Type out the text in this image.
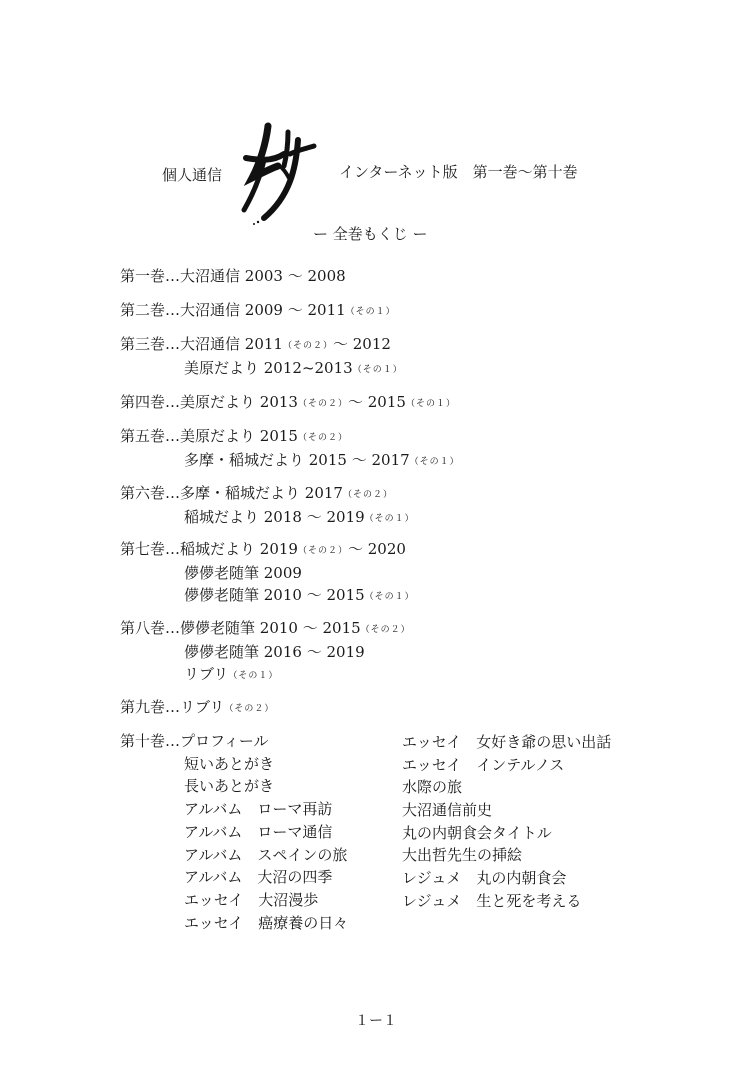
個人通信	インターネット版　第一巻〜第十巻
ー 全巻もくじ ー
第一巻…大沼通信 2003 〜 2008
第二巻…大沼通信 2009 〜 2011（その１）
第三巻…大沼通信 2011（その２）〜 2012
美原だより 2012~2013（その１）
第四巻…美原だより 2013（その２）〜 2015（その１）
第五巻…美原だより 2015（その２）
多摩・稲城だより 2015 〜 2017（その１）
第六巻…多摩・稲城だより 2017（その２）
稲城だより 2018 〜 2019（その１）
第七巻…稲城だより 2019（その２）〜 2020
儚儚老随筆 2009
儚儚老随筆 2010 〜 2015（その１）
第八巻…儚儚老随筆 2010 〜 2015（その２）
儚儚老随筆 2016 〜 2019
リブリ（その１）
第九巻…リブリ（その２）
第十巻…プロフィール
短いあとがき
長いあとがき
アルバム　ローマ再訪
アルバム　ローマ通信
アルバム　スペインの旅
アルバム　大沼の四季
エッセイ　大沼漫歩
エッセイ　癌療養の日々
エッセイ　女好き爺の思い出話
エッセイ　インテルノス
水際の旅
大沼通信前史
丸の内朝食会タイトル
大出哲先生の挿絵
レジュメ　丸の内朝食会
レジュメ　生と死を考える
１ー１
